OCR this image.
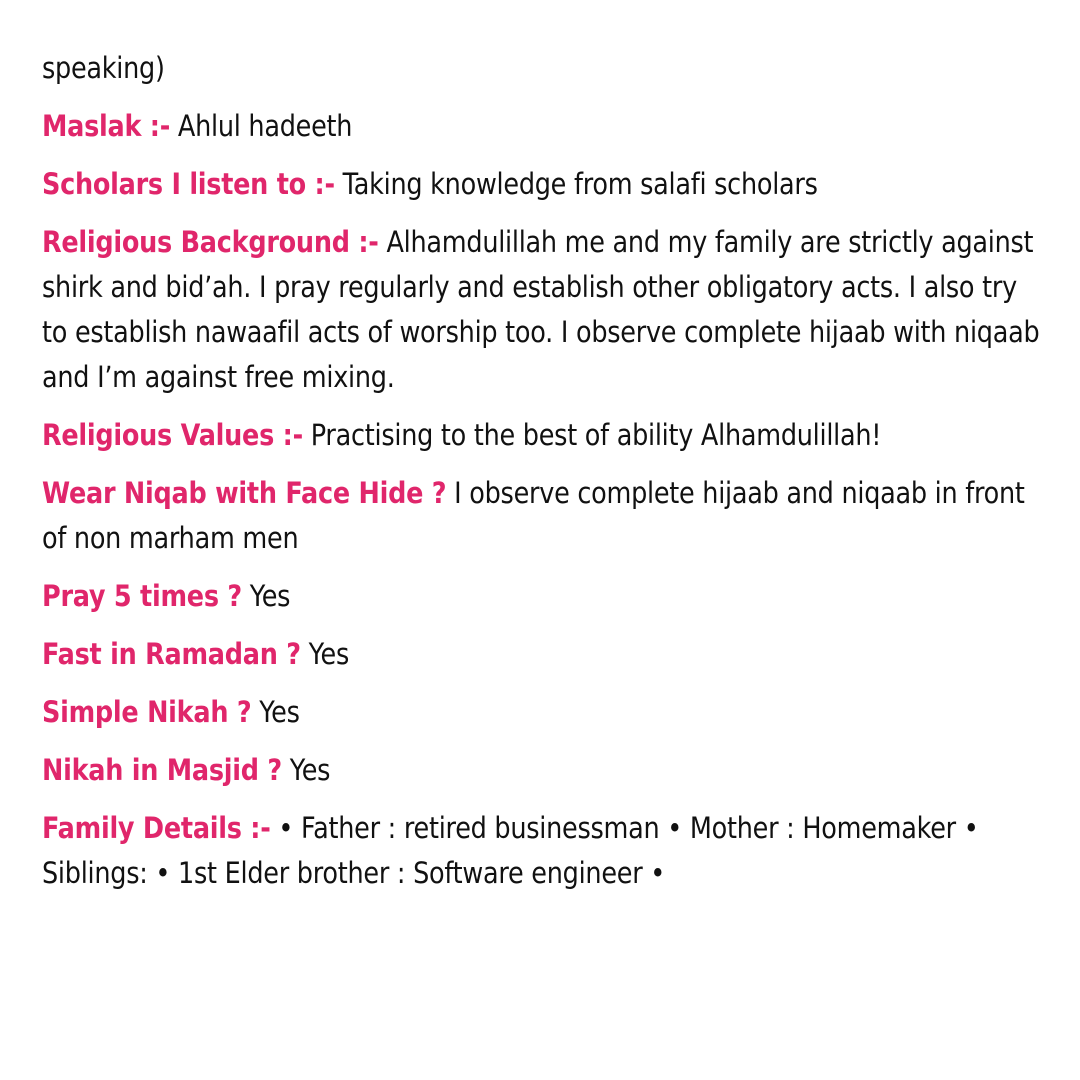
speaking)

Maslak :- Ahlul hadeeth

Scholars I listen to :- Taking knowledge from salafi scholars

Religious Background :- Alhamdulillah me and my family are strictly against shirk and bid’ah. I pray regularly and establish other obligatory acts. I also try to establish nawaafil acts of worship too. I observe complete hijaab with niqaab and I’m against free mixing.

Religious Values :- Practising to the best of ability Alhamdulillah!

Wear Niqab with Face Hide ? I observe complete hijaab and niqaab in front of non marham men

Pray 5 times ? Yes

Fast in Ramadan ? Yes

Simple Nikah ? Yes

Nikah in Masjid ? Yes

Family Details :- • Father : retired businessman • Mother : Homemaker • Siblings: • 1st Elder brother : Software engineer •
